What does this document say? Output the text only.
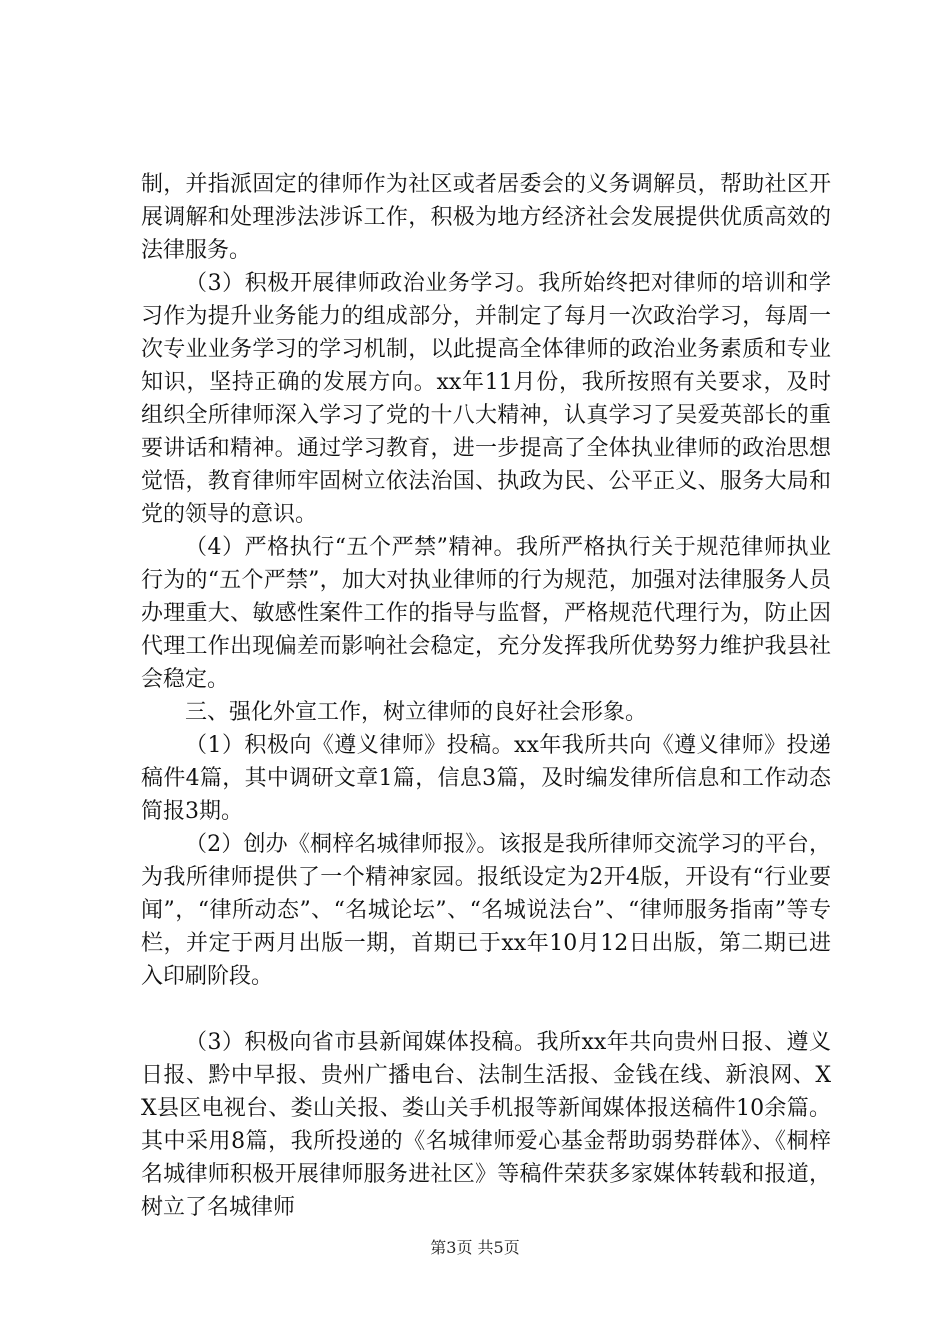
制，并指派固定的律师作为社区或者居委会的义务调解员，帮助社区开展调解和处理涉法涉诉工作，积极为地方经济社会发展提供优质高效的法律服务。

（3）积极开展律师政治业务学习。我所始终把对律师的培训和学习作为提升业务能力的组成部分，并制定了每月一次政治学习，每周一次专业业务学习的学习机制，以此提高全体律师的政治业务素质和专业知识，坚持正确的发展方向。xx年11月份，我所按照有关要求，及时组织全所律师深入学习了党的十八大精神，认真学习了吴爱英部长的重要讲话和精神。通过学习教育，进一步提高了全体执业律师的政治思想觉悟，教育律师牢固树立依法治国、执政为民、公平正义、服务大局和党的领导的意识。

（4）严格执行“五个严禁”精神。我所严格执行关于规范律师执业行为的“五个严禁”，加大对执业律师的行为规范，加强对法律服务人员办理重大、敏感性案件工作的指导与监督，严格规范代理行为，防止因代理工作出现偏差而影响社会稳定，充分发挥我所优势努力维护我县社会稳定。

三、强化外宣工作，树立律师的良好社会形象。

（1）积极向《遵义律师》投稿。xx年我所共向《遵义律师》投递稿件4篇，其中调研文章1篇，信息3篇，及时编发律所信息和工作动态简报3期。

（2）创办《桐梓名城律师报》。该报是我所律师交流学习的平台，为我所律师提供了一个精神家园。报纸设定为2开4版，开设有“行业要闻”，“律所动态”、“名城论坛”、“名城说法台”、“律师服务指南”等专栏，并定于两月出版一期，首期已于xx年10月12日出版，第二期已进入印刷阶段。

（3）积极向省市县新闻媒体投稿。我所xx年共向贵州日报、遵义日报、黔中早报、贵州广播电台、法制生活报、金钱在线、新浪网、XX县区电视台、娄山关报、娄山关手机报等新闻媒体报送稿件10余篇。其中采用8篇，我所投递的《名城律师爱心基金帮助弱势群体》、《桐梓名城律师积极开展律师服务进社区》等稿件荣获多家媒体转载和报道，树立了名城律师

第3页 共5页
